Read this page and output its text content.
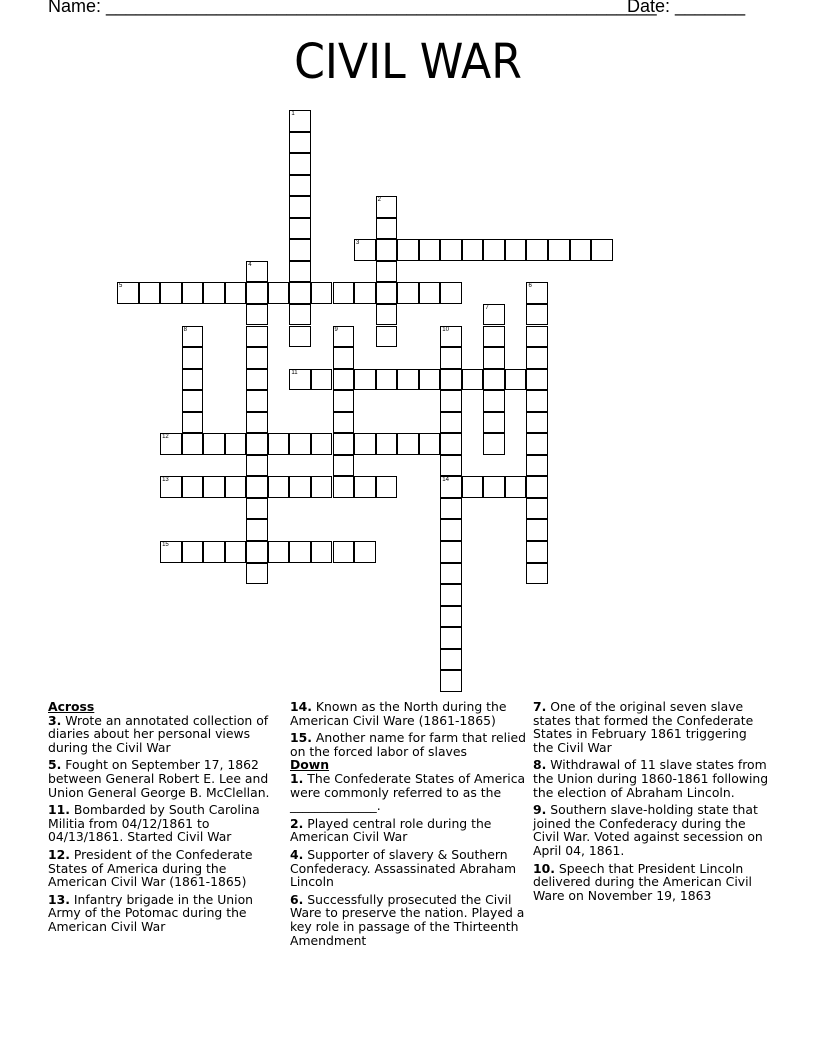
Name: _______________________________________________________
Date: _______
CIVIL WAR
1
2
3
4
5	6
7
8	9	10
14
11
12
13
15
Across
3. Wrote an annotated collection of diaries about her personal views during the Civil War
5. Fought on September 17, 1862 between General Robert E. Lee and Union General George B. McClellan.
11. Bombarded by South Carolina Militia from 04/12/1861 to 04/13/1861. Started Civil War
12. President of the Confederate States of America during the American Civil War (1861-1865)
13. Infantry brigade in the Union Army of the Potomac during the American Civil War
14. Known as the North during the American Civil Ware (1861-1865)
15. Another name for farm that relied on the forced labor of slaves
Down
1. The Confederate States of America were commonly referred to as the ______________.
2. Played central role during the American Civil War
4. Supporter of slavery & Southern Confederacy. Assassinated Abraham Lincoln
6. Successfully prosecuted the Civil Ware to preserve the nation. Played a key role in passage of the Thirteenth Amendment
7. One of the original seven slave states that formed the Confederate States in February 1861 triggering the Civil War
8. Withdrawal of 11 slave states from the Union during 1860-1861 following the election of Abraham Lincoln.
9. Southern slave-holding state that joined the Confederacy during the Civil War. Voted against secession on April 04, 1861.
10. Speech that President Lincoln delivered during the American Civil Ware on November 19, 1863
